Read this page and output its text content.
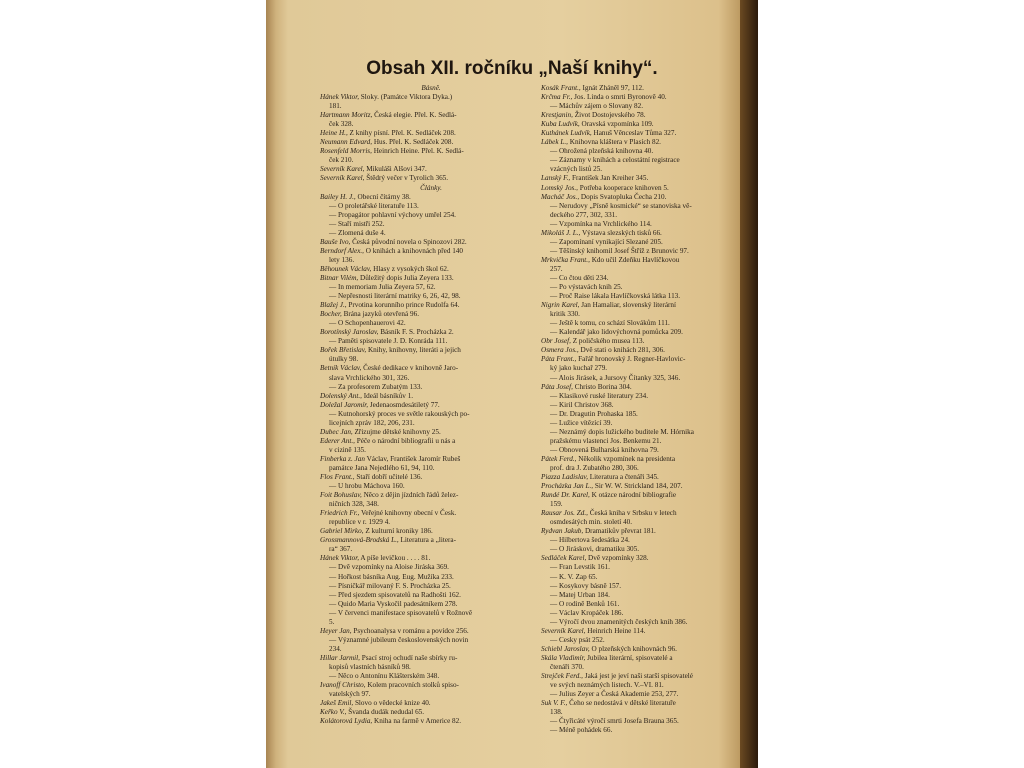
Obsah XII. ročníku „Naší knihy“.
Básně.
Hánek Viktor, Sloky. (Památce Viktora Dyka.)
181.
Hartmann Moritz, Česká elegie. Přel. K. Sedlá-
ček 328.
Heine H., Z knihy písní. Přel. K. Sedláček 208.
Neumann Edvard, Hus. Přel. K. Sedláček 208.
Rosenfeld Morris, Heinrich Heine. Přel. K. Sedlá-
ček 210.
Severník Karel, Mikuláši Alšovi 347.
Severník Karel, Štědrý večer v Tyrolich 365.
Články.
Bailey H. J., Obecní čítárny 38.
— O proletářské literatuře 113.
— Propagátor pohlavní výchovy umřel 254.
— Staří mistři 252.
— Zlomená duše 4.
Bauše Ivo, Česká původní novela o Spinozovi 282.
Berndorf Alex., O knihách a knihovnách před 140
lety 136.
Běhounek Václav, Hlasy z vysokých škol 62.
Bitnar Vilém, Důležitý dopis Julia Zeyera 133.
— In memoriam Julia Zeyera 57, 62.
— Nepřesnosti literární matriky 6, 26, 42, 98.
Blažej J., Prvotina korunního prince Rudolfa 64.
Bocher, Brána jazyků otevřená 96.
— O Schopenhauerovi 42.
Borotínský Jaroslav, Básník F. S. Procházka 2.
— Paměti spisovatele J. D. Konráda 111.
Bořek Břetislav, Knihy, knihovny, literáti a jejich
útulky 98.
Betník Václav, České dedikace v knihovně Jaro-
slava Vrchlického 301, 326.
— Za profesorem Zubatým 133.
Dolenský Ant., Ideál básníkův 1.
Doležal Jaromír, Jedenaosmdesátiletý 77.
— Kutnohorský proces ve světle rakouských po-
licejních zpráv 182, 206, 231.
Dubec Jan, Zřizujme dětské knihovny 25.
Ederer Ant., Péče o národní bibliografii u nás a
v cizině 135.
Finberka z. Jan Václav, František Jaromír Rubeš
památce Jana Nejedlého 61, 94, 110.
Flos Frant., Staří dobří učitelé 136.
— U hrobu Máchova 160.
Foit Bohuslav, Něco z dějin jízdních řádů želez-
ničních 328, 348.
Friedrich Fr., Veřejné knihovny obecní v Česk.
republice v r. 1929 4.
Gabriel Mirko, Z kulturní kroniky 186.
Grossmannová-Brodská L., Literatura a „litera-
ra“ 367.
Hánek Viktor, A píše levičkou . . . . 81.
— Dvě vzpomínky na Aloise Jiráska 369.
— Hořkost básníka Aug. Eug. Mužíka 233.
— Písničkář milovaný F. S. Procházka 25.
— Před sjezdem spisovatelů na Radhošti 162.
— Quido Maria Vyskočil padesátníkem 278.
— V červenci manifestace spisovatelů v Rožnově
5.
Heyer Jan, Psychoanalysa v románu a povídce 256.
— Významné jubileum československých novin
234.
Hillar Jarmil, Psací stroj ochudí naše sbírky ru-
kopisů vlastních básníků 98.
— Něco o Antonínu Klášterském 348.
Ivanoff Christo, Kolem pracovních stolků spiso-
vatelských 97.
Jakeš Emil, Slovo o vědecké knize 40.
Keřko V., Švanda dudák nedudal 65.
Kolátorová Lydia, Kniha na farmě v Americe 82.
Kosák Frant., Ignát Zháněl 97, 112.
Krčma Fr., Jos. Linda o smrti Byronově 40.
— Máchův zájem o Slovany 82.
Krestjanin, Život Dostojevského 78.
Kuba Ludvík, Oravská vzpomínka 109.
Kuthánek Ludvík, Hanuš Věnceslav Tůma 327.
Lábek L., Knihovna kláštera v Plasích 82.
— Ohrožená plzeňská knihovna 40.
— Záznamy v knihách a celostátní registrace
vzácných listů 25.
Lanský F., František Jan Kreiher 345.
Lomský Jos., Potřeba kooperace knihoven 5.
Macháč Jos., Dopis Svatopluka Čecha 210.
— Nerudovy „Písně kosmické“ se stanoviska vě-
deckého 277, 302, 331.
— Vzpomínka na Vrchlického 114.
Mikoláš J. L., Výstava slezských tisků 66.
— Zapomínaní vynikající Slezané 205.
— Těšínský knihomil Josef Štříž z Brunovic 97.
Mrkvička Frant., Kdo učil Zdeňku Havlíčkovou
257.
— Co čtou děti 234.
— Po výstavách knih 25.
— Proč Raise lákala Havlíčkovská látka 113.
Nigrin Karel, Jan Hamaliar, slovenský literární
kritik 330.
— Ještě k tomu, co schází Slovákům 111.
— Kalendář jako lidovýchovná pomůcka 209.
Obr Josef, Z poličského musea 113.
Osmera Jos., Dvě stati o knihách 281, 306.
Páta Frant., Fařář hronovský J. Regner-Havlovic-
ký jako kuchař 279.
— Alois Jirásek, a Jursovy Čítanky 325, 346.
Páta Josef, Christo Borina 304.
— Klasikové ruské literatury 234.
— Kiril Christov 368.
— Dr. Dragutin Prohaska 185.
— Lužice vítězící 39.
— Neznámý dopis lužického buditele M. Hórnika
pražskému vlastenci Jos. Benkemu 21.
— Obnovená Bulharská knihovna 79.
Pátek Ferd., Několik vzpomínek na presidenta
prof. dra J. Zubatého 280, 306.
Piazza Ladislav, Literatura a čtenáři 345.
Procházka Jan L., Sir W. W. Strickland 184, 207.
Rundé Dr. Karel, K otázce národní bibliografie
159.
Rausar Jos. Zd., Česká kniha v Srbsku v letech
osmdesátých min. století 40.
Rydvan Jakub, Dramatikův převrat 181.
— Hilbertova šedesátka 24.
— O Jiráskovi, dramatiku 305.
Sedláček Karel, Dvě vzpomínky 328.
— Fran Levstik 161.
— K. V. Zap 65.
— Kosykovy básně 157.
— Matej Urban 184.
— O rodině Benků 161.
— Václav Kropáček 186.
— Výročí dvou znamenitých českých knih 386.
Severník Karel, Heinrich Heine 114.
— Cesky psát 252.
Schiebl Jaroslav, O plzeňských knihovnách 96.
Skála Vladimír, Jubilea literární, spisovatelé a
čtenáři 370.
Strejček Ferd., Jaká jest je jeví naši starší spisovatelé
ve svých neznámých listech. V.–VI. 81.
— Julius Zeyer a Česká Akademie 253, 277.
Suk V. F., Čeho se nedostává v dětské literatuře
138.
— Čtyřicáté výročí smrti Josefa Brauna 365.
— Méně pohádek 66.
